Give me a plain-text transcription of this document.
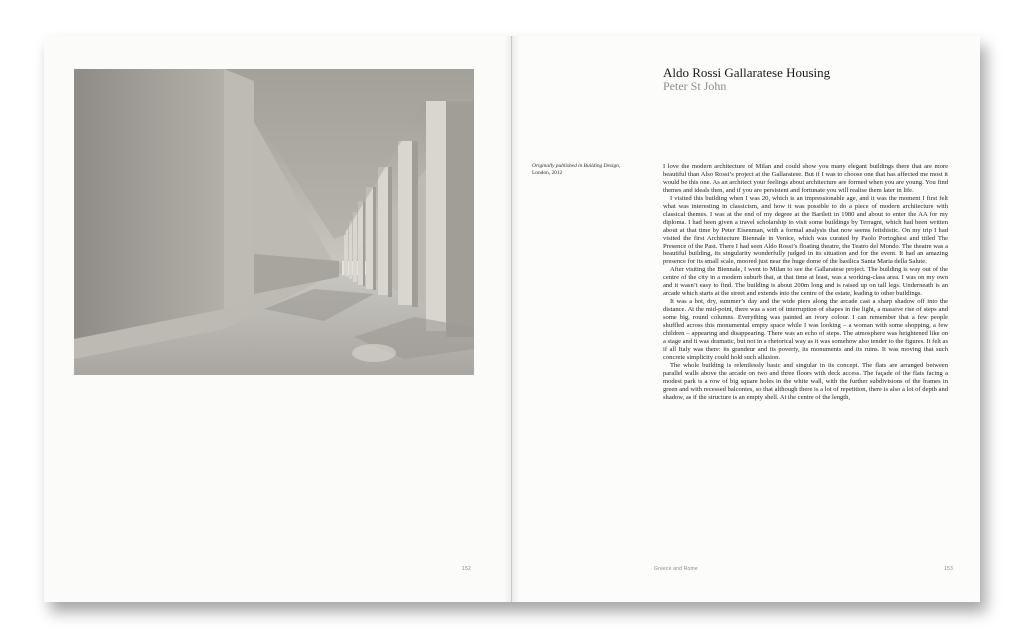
152
Aldo Rossi Gallaratese Housing
Peter St John
Originally published in Building Design, London, 2012

I love the modern architecture of Milan and could show you many elegant buildings there that are more beautiful than Also Rossi’s project at the Gallaratese. But if I was to choose one that has affected me most it would be this one. As an architect your feelings about architecture are formed when you are young. You find themes and ideals then, and if you are persistent and fortunate you will realise them later in life.

I visited this building when I was 20, which is an impressionable age, and it was the moment I first felt what was interesting in classicism, and how it was possible to do a piece of modern architecture with classical themes. I was at the end of my degree at the Bartlett in 1980 and about to enter the AA for my diploma. I had been given a travel scholarship to visit some buildings by Terragni, which had been written about at that time by Peter Eisenman, with a formal analysis that now seems fetishistic. On my trip I had visited the first Architecture Biennale in Venice, which was curated by Paolo Portoghesi and titled The Presence of the Past. There I had seen Aldo Rossi’s floating theatre, the Teatro del Mondo. The theatre was a beautiful building, its singularity wonderfully judged in its situation and for the event. It had an amazing presence for its small scale, moored just near the huge dome of the basilica Santa Maria della Salute.

After visiting the Biennale, I went to Milan to see the Gallaratese project. The building is way out of the centre of the city in a modern suburb that, at that time at least, was a working-class area. I was on my own and it wasn’t easy to find. The building is about 200m long and is raised up on tall legs. Underneath is an arcade which starts at the street and extends into the centre of the estate, leading to other buildings.

It was a hot, dry, summer’s day and the wide piers along the arcade cast a sharp shadow off into the distance. At the mid-point, there was a sort of interruption of shapes in the light, a massive rise of steps and some big, round columns. Everything was painted an ivory colour. I can remember that a few people shuffled across this monumental empty space while I was looking – a woman with some shopping, a few children – appearing and disappearing. There was an echo of steps. The atmosphere was heightened like on a stage and it was dramatic, but not in a rhetorical way as it was somehow also tender to the figures. It felt as if all Italy was there: its grandeur and its poverty, its monuments and its ruins. It was moving that such concrete simplicity could hold such allusion.

The whole building is relentlessly basic and singular in its concept. The flats are arranged between parallel walls above the arcade on two and three floors with deck access. The façade of the flats facing a modest park is a row of big square holes in the white wall, with the further subdivisions of the frames in green and with recessed balconies, so that although there is a lot of repetition, there is also a lot of depth and shadow, as if the structure is an empty shell. At the centre of the length,

Greece and Rome	153
